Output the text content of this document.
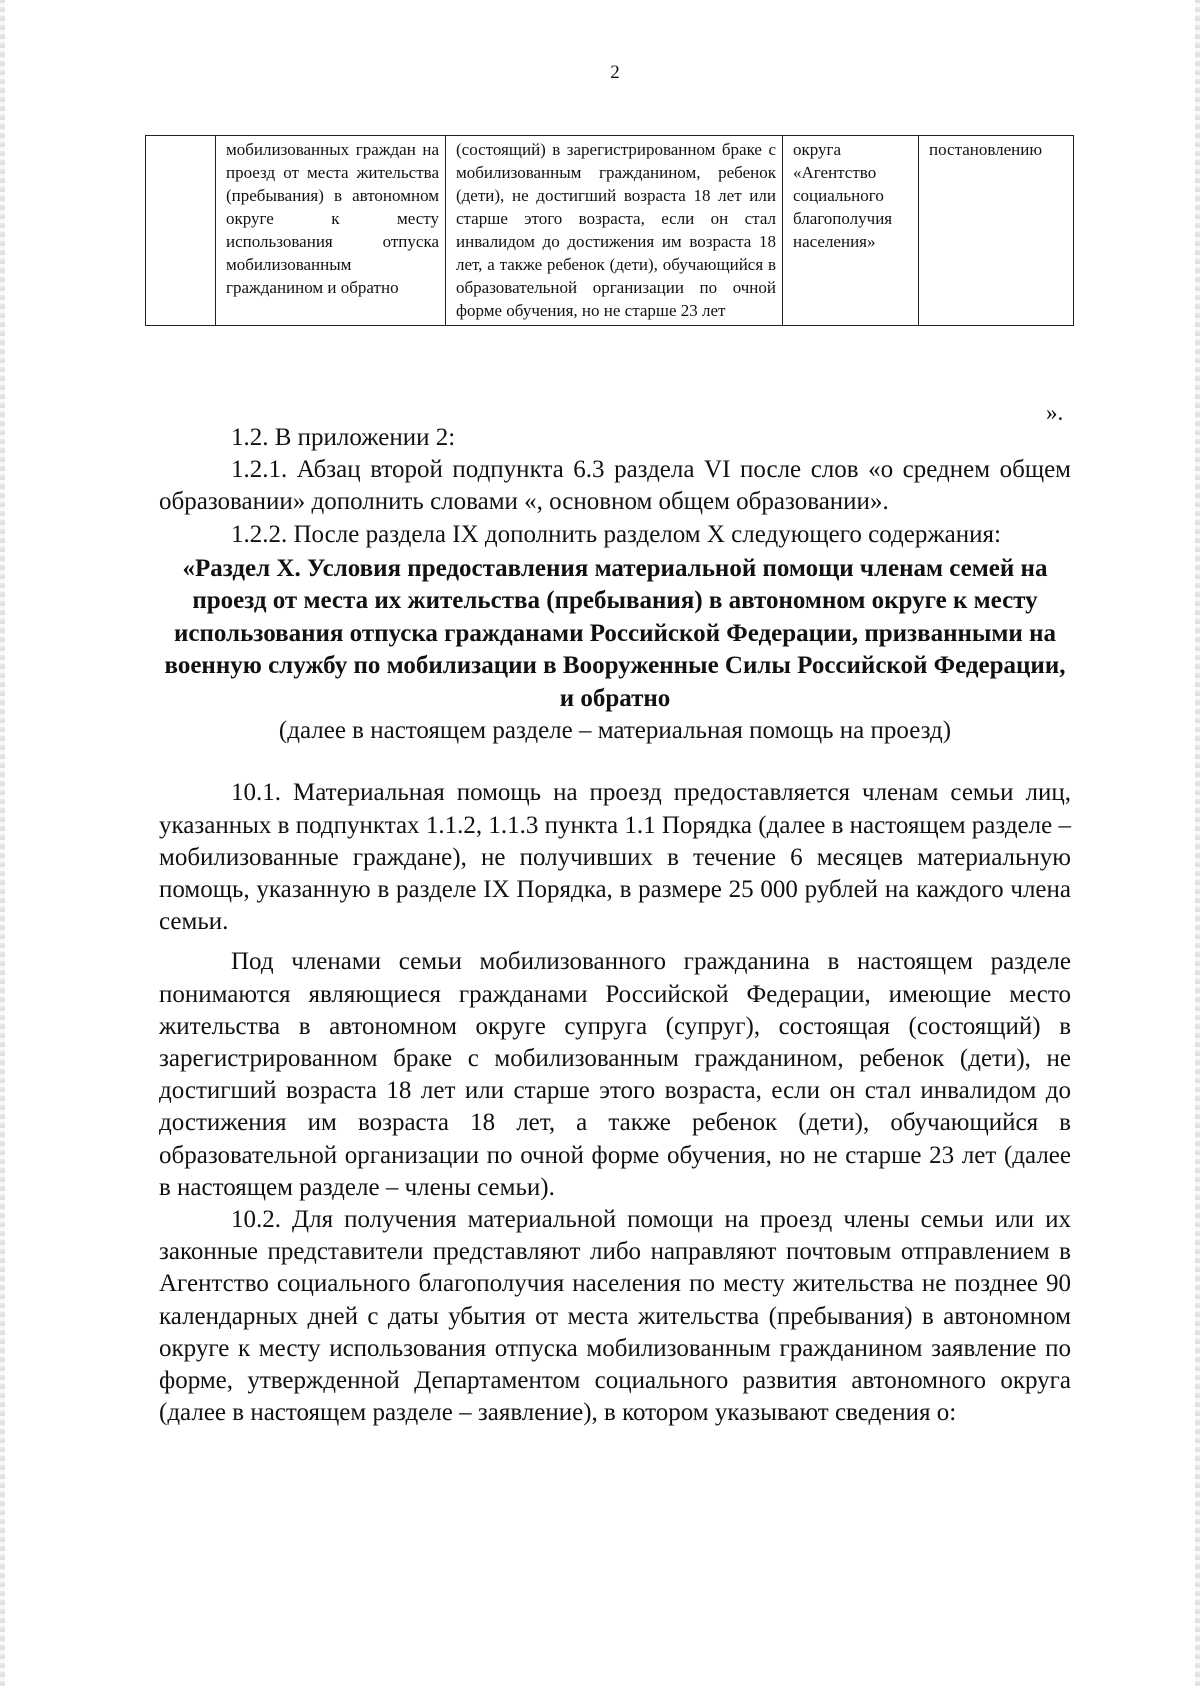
2
	мобилизованных граждан на проезд от места жительства (пребывания) в автономном округе к месту использования отпуска мобилизованным гражданином и обратно	(состоящий) в зарегистрированном браке с мобилизованным гражданином, ребенок (дети), не достигший возраста 18 лет или старше этого возраста, если он стал инвалидом до достижения им возраста 18 лет, а также ребенок (дети), обучающийся в образовательной организации по очной форме обучения, но не старше 23 лет	округа «Агентство социального благополучия населения»	постановлению
».

1.2. В приложении 2:

1.2.1. Абзац второй подпункта 6.3 раздела VI после слов «о среднем общем образовании» дополнить словами «, основном общем образовании».

1.2.2. После раздела IX дополнить разделом X следующего содержания:

«Раздел X. Условия предоставления материальной помощи членам семей на проезд от места их жительства (пребывания) в автономном округе к месту использования отпуска гражданами Российской Федерации, призванными на военную службу по мобилизации в Вооруженные Силы Российской Федерации, и обратно

(далее в настоящем разделе – материальная помощь на проезд)

10.1. Материальная помощь на проезд предоставляется членам семьи лиц, указанных в подпунктах 1.1.2, 1.1.3 пункта 1.1 Порядка (далее в настоящем разделе – мобилизованные граждане), не получивших в течение 6 месяцев материальную помощь, указанную в разделе IX Порядка, в размере 25 000 рублей на каждого члена семьи.

Под членами семьи мобилизованного гражданина в настоящем разделе понимаются являющиеся гражданами Российской Федерации, имеющие место жительства в автономном округе супруга (супруг), состоящая (состоящий) в зарегистрированном браке с мобилизованным гражданином, ребенок (дети), не достигший возраста 18 лет или старше этого возраста, если он стал инвалидом до достижения им возраста 18 лет, а также ребенок (дети), обучающийся в образовательной организации по очной форме обучения, но не старше 23 лет (далее в настоящем разделе – члены семьи).

10.2. Для получения материальной помощи на проезд члены семьи или их законные представители представляют либо направляют почтовым отправлением в Агентство социального благополучия населения по месту жительства не позднее 90 календарных дней с даты убытия от места жительства (пребывания) в автономном округе к месту использования отпуска мобилизованным гражданином заявление по форме, утвержденной Департаментом социального развития автономного округа (далее в настоящем разделе – заявление), в котором указывают сведения о:
